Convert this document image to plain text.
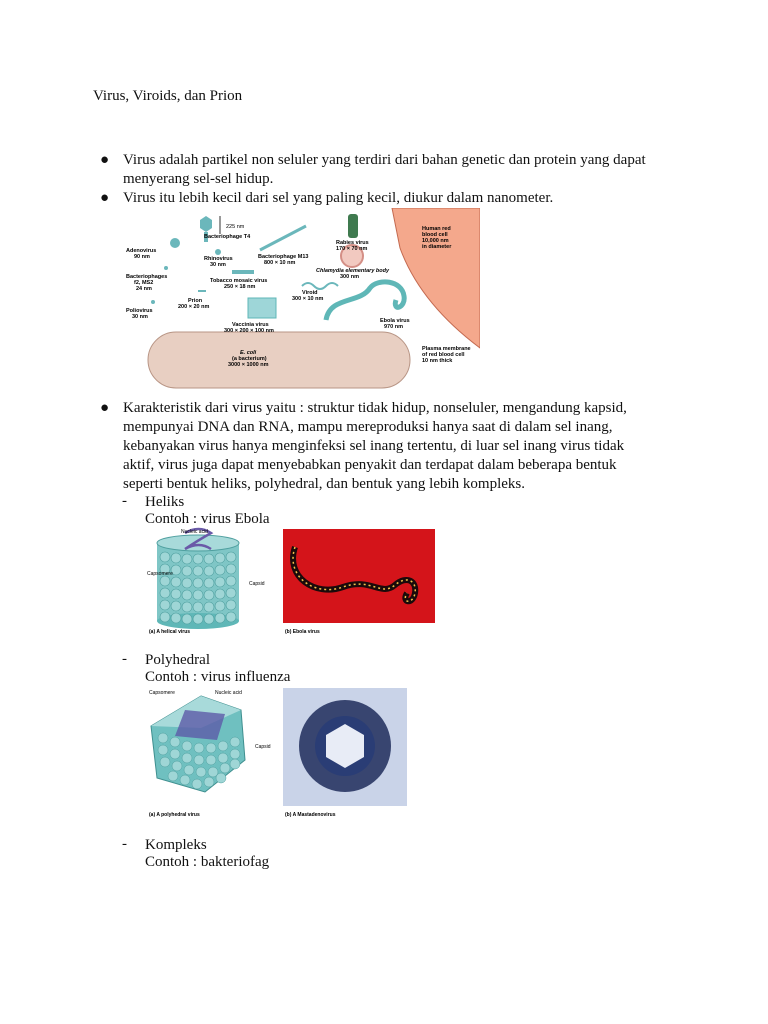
Virus, Viroids, dan Prion
● Virus adalah partikel non seluler yang terdiri dari bahan genetic dan protein yang dapat menyerang sel-sel hidup.
● Virus itu lebih kecil dari sel yang paling kecil, diukur dalam nanometer.
225 nm
Bacteriophage T4
Rabies virus
170 × 70 nm
Adenovirus
90 nm	Rhinovirus
30 nm
Bacteriophage M13
800 × 10 nm
Chlamydia elementary body
300 nm
Bacteriophages
f2, MS2
24 nm
Tobacco mosaic virus
250 × 18 nm
Viroid
300 × 10 nm
Prion
200 × 20 nm
Poliovirus
30 nm
Vaccinia virus
300 × 200 × 100 nm
Ebola virus
970 nm
Human red
blood cell
10,000 nm
in diameter
E. coli
(a bacterium)
3000 × 1000 nm
Plasma membrane
of red blood cell
10 nm thick
● Karakteristik dari virus yaitu : struktur tidak hidup, nonseluler, mengandung kapsid, mempunyai DNA dan RNA, mampu mereproduksi hanya saat di dalam sel inang, kebanyakan virus hanya menginfeksi sel inang tertentu, di luar sel inang virus tidak aktif, virus juga dapat menyebabkan penyakit dan terdapat dalam beberapa bentuk seperti bentuk heliks, polyhedral, dan bentuk yang lebih kompleks.
- Heliks
Contoh : virus Ebola
Nucleic acid
Capsomere
Capsid
(a) A helical virus	(b) Ebola virus
- Polyhedral
Contoh : virus influenza
Capsomere	Nucleic acid
Capsid
(a) A polyhedral virus	(b) A Mastadenovirus
- Kompleks
Contoh : bakteriofag
